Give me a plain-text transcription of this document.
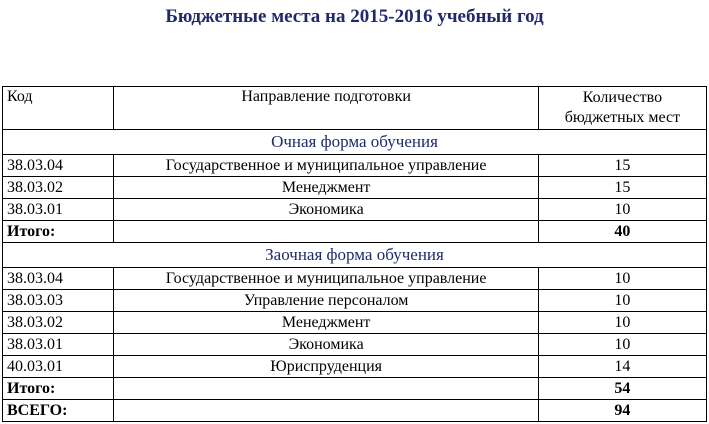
Бюджетные места на 2015-2016 учебный год
Код	Направление подготовки	Количество
бюджетных мест

Очная форма обучения		
38.03.04	Государственное и муниципальное управление	15
38.03.02	Менеджмент	15
38.03.01	Экономика	10
Итого:		40
Заочная форма обучения		
38.03.04	Государственное и муниципальное управление	10
38.03.03	Управление персоналом	10
38.03.02	Менеджмент	10
38.03.01	Экономика	10
40.03.01	Юриспруденция	14
Итого:		54
ВСЕГО:		94
